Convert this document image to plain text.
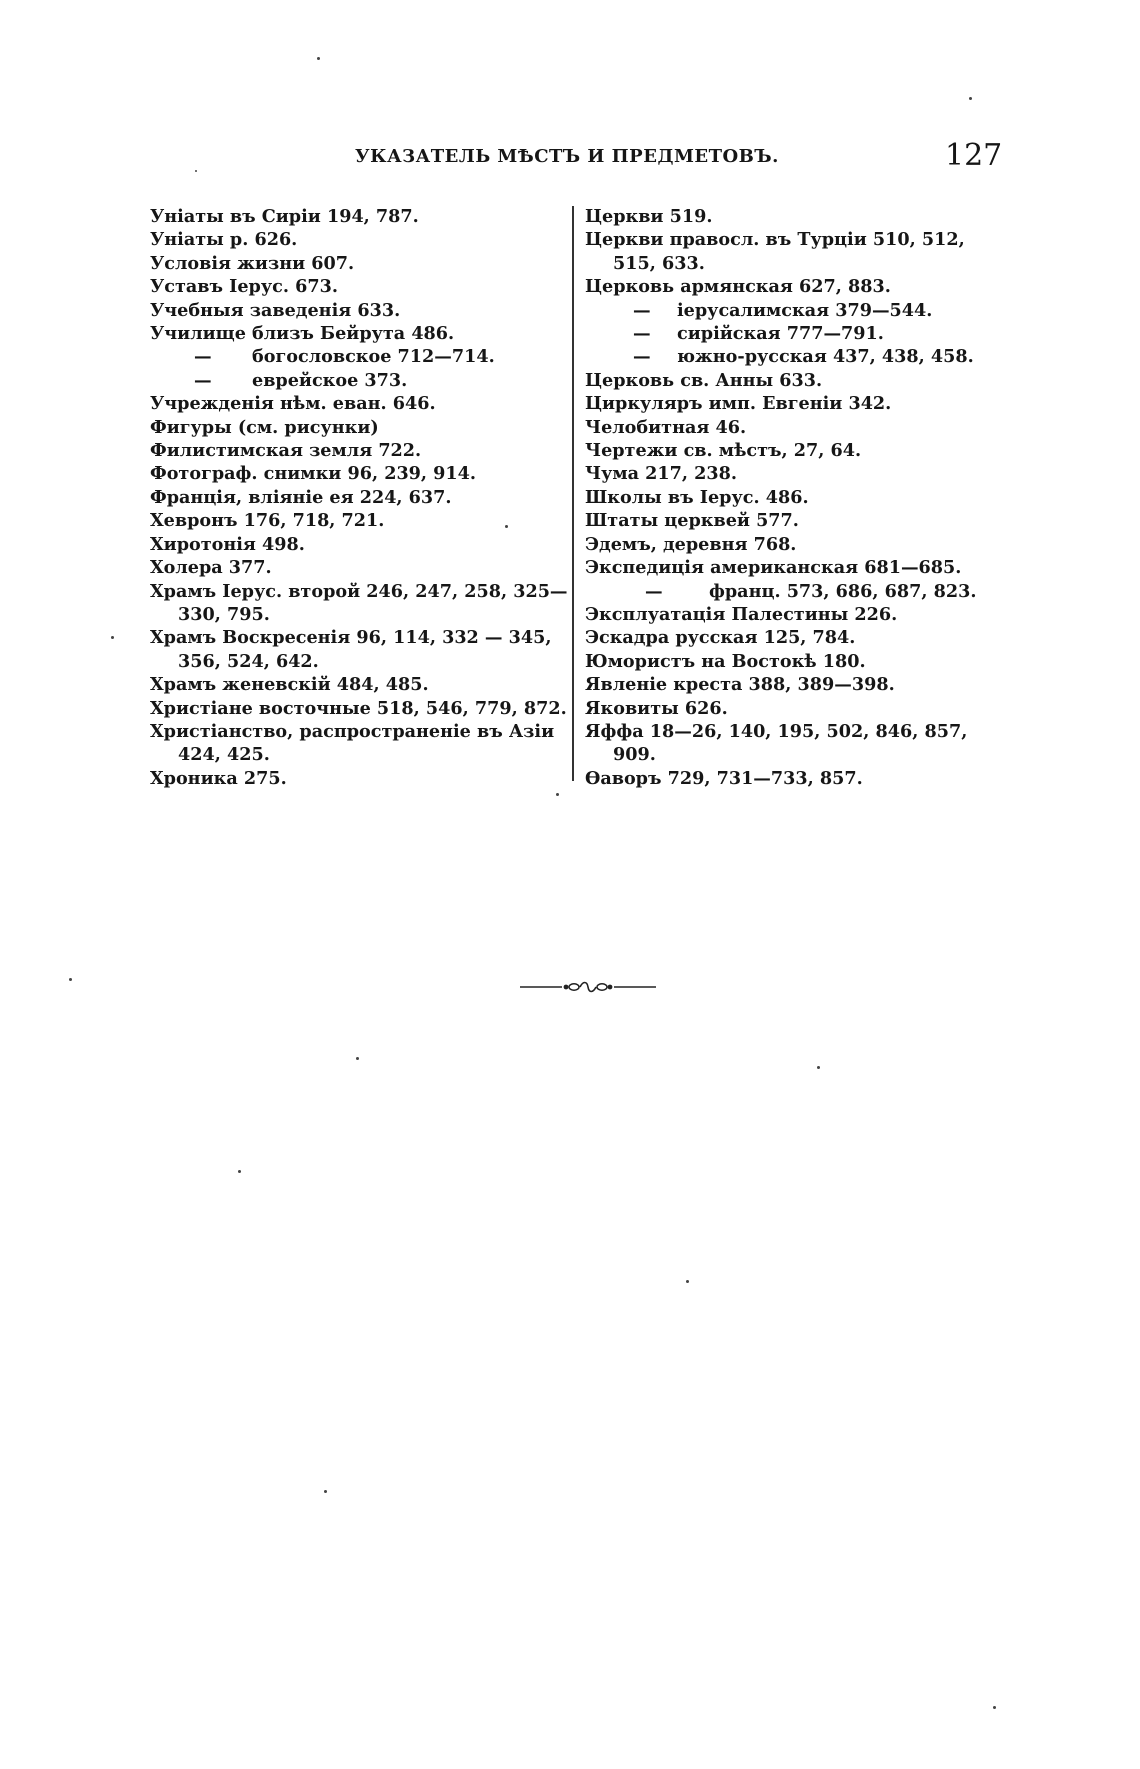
УКАЗАТЕЛЬ МѢСТЪ И ПРЕДМЕТОВЪ.	127
Уніаты въ Сиріи 194, 787.
Уніаты р. 626.
Условія жизни 607.
Уставъ Іерус. 673.
Учебныя заведенія 633.
Училище близъ Бейрута 486.
— богословское 712—714.
— еврейское 373.
Учрежденія нѣм. еван. 646.
Фигуры (см. рисунки)
Филистимская земля 722.
Фотограф. снимки 96, 239, 914.
Франція, вліяніе ея 224, 637.
Хевронъ 176, 718, 721.
Хиротонія 498.
Холера 377.
Храмъ Іерус. второй 246, 247, 258, 325—
330, 795.
Храмъ Воскресенія 96, 114, 332 — 345,
356, 524, 642.
Храмъ женевскій 484, 485.
Христіане восточные 518, 546, 779, 872.
Христіанство, распространеніе въ Азіи
424, 425.
Хроника 275.
Церкви 519.
Церкви правосл. въ Турціи 510, 512,
515, 633.
Церковь армянская 627, 883.
— іерусалимская 379—544.
— сирійская 777—791.
— южно-русская 437, 438, 458.
Церковь св. Анны 633.
Циркуляръ имп. Евгеніи 342.
Челобитная 46.
Чертежи св. мѣстъ, 27, 64.
Чума 217, 238.
Школы въ Іерус. 486.
Штаты церквей 577.
Эдемъ, деревня 768.
Экспедиція американская 681—685.
—	франц. 573, 686, 687, 823.
Эксплуатація Палестины 226.
Эскадра русская 125, 784.
Юмористъ на Востокѣ 180.
Явленіе креста 388, 389—398.
Яковиты 626.
Яффа 18—26, 140, 195, 502, 846, 857,
909.
Ѳаворъ 729, 731—733, 857.
